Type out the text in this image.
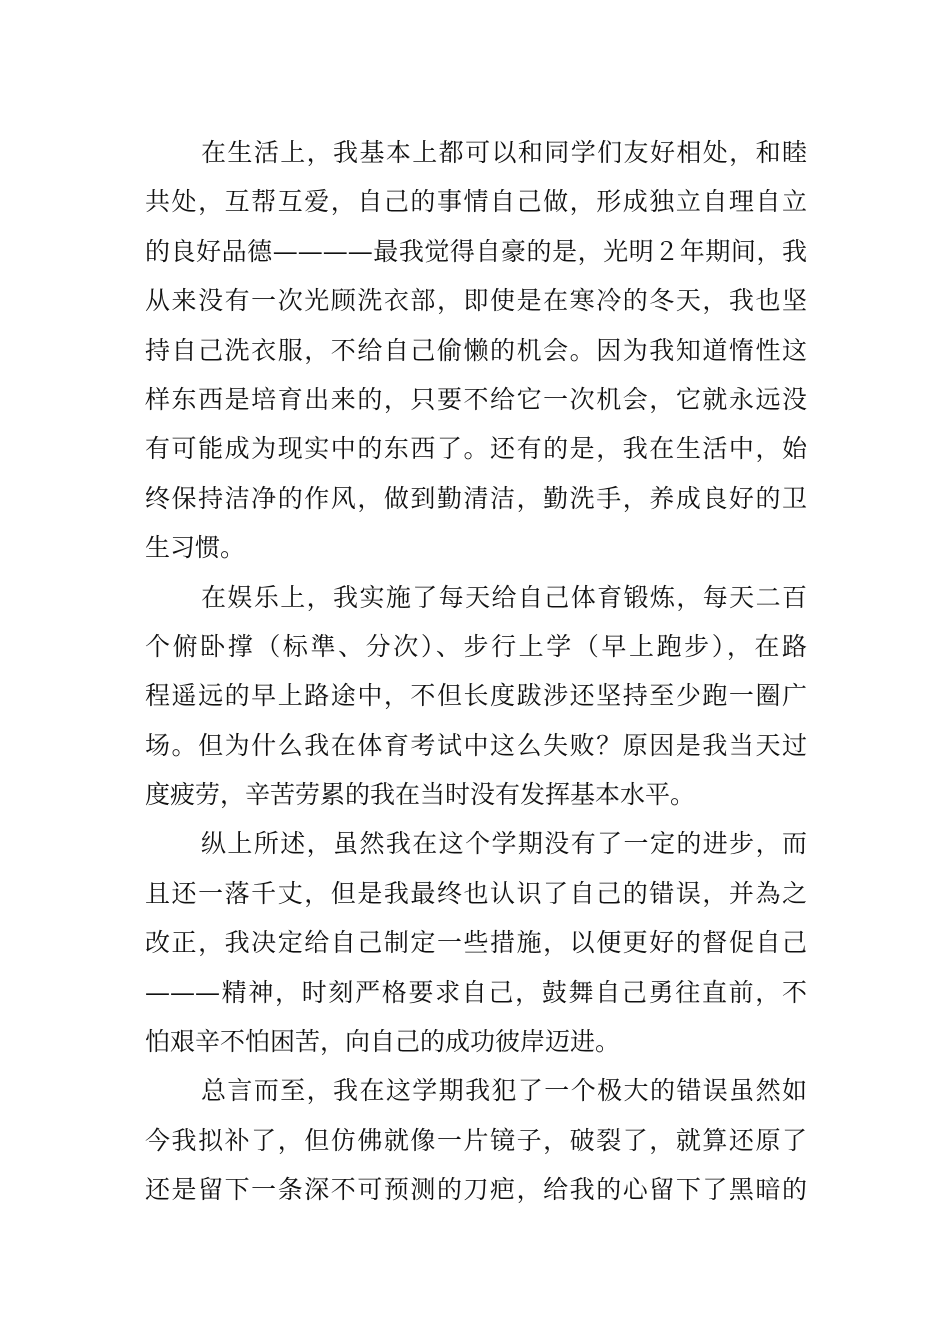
在生活上，我基本上都可以和同学们友好相处，和睦
共处，互帮互爱，自己的事情自己做，形成独立自理自立
的良好品德————最我觉得自豪的是，光明２年期间，我
从来没有一次光顾洗衣部，即使是在寒冷的冬天，我也坚
持自己洗衣服，不给自己偷懒的机会。因为我知道惰性这
样东西是培育出来的，只要不给它一次机会，它就永远没
有可能成为现实中的东西了。还有的是，我在生活中，始
终保持洁净的作风，做到勤清洁，勤洗手，养成良好的卫
生习惯。
在娱乐上，我实施了每天给自己体育锻炼，每天二百
个俯卧撑（标準、分次）、步行上学（早上跑步），在路
程遥远的早上路途中，不但长度跋涉还坚持至少跑一圈广
场。但为什么我在体育考试中这么失败？原因是我当天过
度疲劳，辛苦劳累的我在当时没有发挥基本水平。
纵上所述，虽然我在这个学期没有了一定的进步，而
且还一落千丈，但是我最终也认识了自己的错误，并為之
改正，我决定给自己制定一些措施，以便更好的督促自己
———精神，时刻严格要求自己，鼓舞自己勇往直前，不
怕艰辛不怕困苦，向自己的成功彼岸迈进。
总言而至，我在这学期我犯了一个极大的错误虽然如
今我拟补了，但仿佛就像一片镜子，破裂了，就算还原了
还是留下一条深不可预测的刀疤，给我的心留下了黑暗的
